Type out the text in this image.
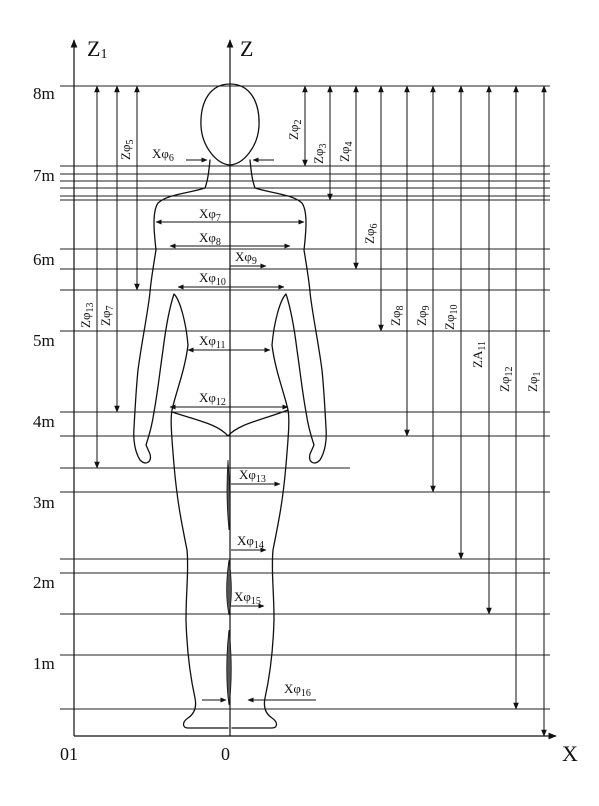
Z1	Z
X
01	0
8m
7m
6m
5m
4m
3m
2m
1m
$Z\varphi_2$
$Z\varphi_3$
$Z\varphi_4$
$Z\varphi_5$
$Z\varphi_6$
$Z\varphi_7$
$Z\varphi_8$
$Z\varphi_9$
$Z\varphi_{10}$
$ZA_{11}$
$Z\varphi_{12}$
$Z\varphi_1$
$Z\varphi_{13}$
$X\varphi_6$
$X\varphi_7$
$X\varphi_8$
$X\varphi_9$
$X\varphi_{10}$
$X\varphi_{11}$
$X\varphi_{12}$
$X\varphi_{13}$
$X\varphi_{14}$
$X\varphi_{15}$
$X\varphi_{16}$
